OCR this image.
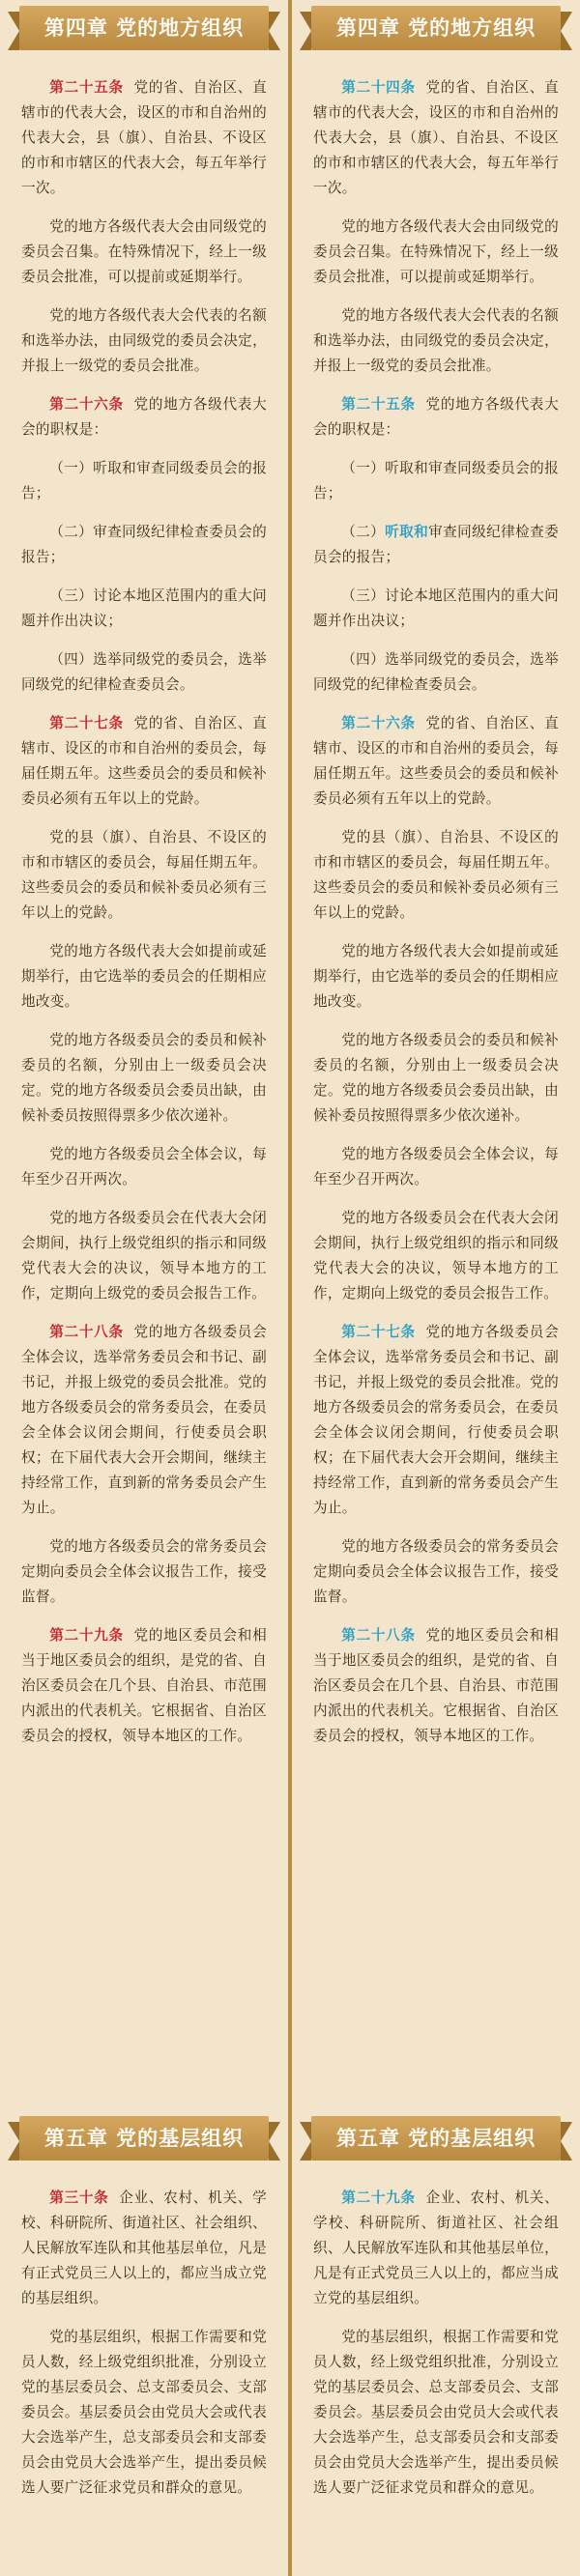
第四章 党的地方组织

第二十五条 党的省、自治区、直辖市的代表大会，设区的市和自治州的代表大会，县（旗）、自治县、不设区的市和市辖区的代表大会，每五年举行一次。

党的地方各级代表大会由同级党的委员会召集。在特殊情况下，经上一级委员会批准，可以提前或延期举行。

党的地方各级代表大会代表的名额和选举办法，由同级党的委员会决定，并报上一级党的委员会批准。

第二十六条 党的地方各级代表大会的职权是：

（一）听取和审查同级委员会的报告；

（二）审查同级纪律检查委员会的报告；

（三）讨论本地区范围内的重大问题并作出决议；

（四）选举同级党的委员会，选举同级党的纪律检查委员会。

第二十七条 党的省、自治区、直辖市、设区的市和自治州的委员会，每届任期五年。这些委员会的委员和候补委员必须有五年以上的党龄。

党的县（旗）、自治县、不设区的市和市辖区的委员会，每届任期五年。这些委员会的委员和候补委员必须有三年以上的党龄。

党的地方各级代表大会如提前或延期举行，由它选举的委员会的任期相应地改变。

党的地方各级委员会的委员和候补委员的名额，分别由上一级委员会决定。党的地方各级委员会委员出缺，由候补委员按照得票多少依次递补。

党的地方各级委员会全体会议，每年至少召开两次。

党的地方各级委员会在代表大会闭会期间，执行上级党组织的指示和同级党代表大会的决议，领导本地方的工作，定期向上级党的委员会报告工作。

第二十八条 党的地方各级委员会全体会议，选举常务委员会和书记、副书记，并报上级党的委员会批准。党的地方各级委员会的常务委员会，在委员会全体会议闭会期间，行使委员会职权；在下届代表大会开会期间，继续主持经常工作，直到新的常务委员会产生为止。

党的地方各级委员会的常务委员会定期向委员会全体会议报告工作，接受监督。

第二十九条 党的地区委员会和相当于地区委员会的组织，是党的省、自治区委员会在几个县、自治县、市范围内派出的代表机关。它根据省、自治区委员会的授权，领导本地区的工作。

第五章 党的基层组织

第三十条 企业、农村、机关、学校、科研院所、街道社区、社会组织、人民解放军连队和其他基层单位，凡是有正式党员三人以上的，都应当成立党的基层组织。

党的基层组织，根据工作需要和党员人数，经上级党组织批准，分别设立党的基层委员会、总支部委员会、支部委员会。基层委员会由党员大会或代表大会选举产生，总支部委员会和支部委员会由党员大会选举产生，提出委员候选人要广泛征求党员和群众的意见。

第四章 党的地方组织

第二十四条 党的省、自治区、直辖市的代表大会，设区的市和自治州的代表大会，县（旗）、自治县、不设区的市和市辖区的代表大会，每五年举行一次。

党的地方各级代表大会由同级党的委员会召集。在特殊情况下，经上一级委员会批准，可以提前或延期举行。

党的地方各级代表大会代表的名额和选举办法，由同级党的委员会决定，并报上一级党的委员会批准。

第二十五条 党的地方各级代表大会的职权是：

（一）听取和审查同级委员会的报告；

（二）听取和审查同级纪律检查委员会的报告；

（三）讨论本地区范围内的重大问题并作出决议；

（四）选举同级党的委员会，选举同级党的纪律检查委员会。

第二十六条 党的省、自治区、直辖市、设区的市和自治州的委员会，每届任期五年。这些委员会的委员和候补委员必须有五年以上的党龄。

党的县（旗）、自治县、不设区的市和市辖区的委员会，每届任期五年。这些委员会的委员和候补委员必须有三年以上的党龄。

党的地方各级代表大会如提前或延期举行，由它选举的委员会的任期相应地改变。

党的地方各级委员会的委员和候补委员的名额，分别由上一级委员会决定。党的地方各级委员会委员出缺，由候补委员按照得票多少依次递补。

党的地方各级委员会全体会议，每年至少召开两次。

党的地方各级委员会在代表大会闭会期间，执行上级党组织的指示和同级党代表大会的决议，领导本地方的工作，定期向上级党的委员会报告工作。

第二十七条 党的地方各级委员会全体会议，选举常务委员会和书记、副书记，并报上级党的委员会批准。党的地方各级委员会的常务委员会，在委员会全体会议闭会期间，行使委员会职权；在下届代表大会开会期间，继续主持经常工作，直到新的常务委员会产生为止。

党的地方各级委员会的常务委员会定期向委员会全体会议报告工作，接受监督。

第二十八条 党的地区委员会和相当于地区委员会的组织，是党的省、自治区委员会在几个县、自治县、市范围内派出的代表机关。它根据省、自治区委员会的授权，领导本地区的工作。

第五章 党的基层组织

第二十九条 企业、农村、机关、学校、科研院所、街道社区、社会组织、人民解放军连队和其他基层单位，凡是有正式党员三人以上的，都应当成立党的基层组织。

党的基层组织，根据工作需要和党员人数，经上级党组织批准，分别设立党的基层委员会、总支部委员会、支部委员会。基层委员会由党员大会或代表大会选举产生，总支部委员会和支部委员会由党员大会选举产生，提出委员候选人要广泛征求党员和群众的意见。
